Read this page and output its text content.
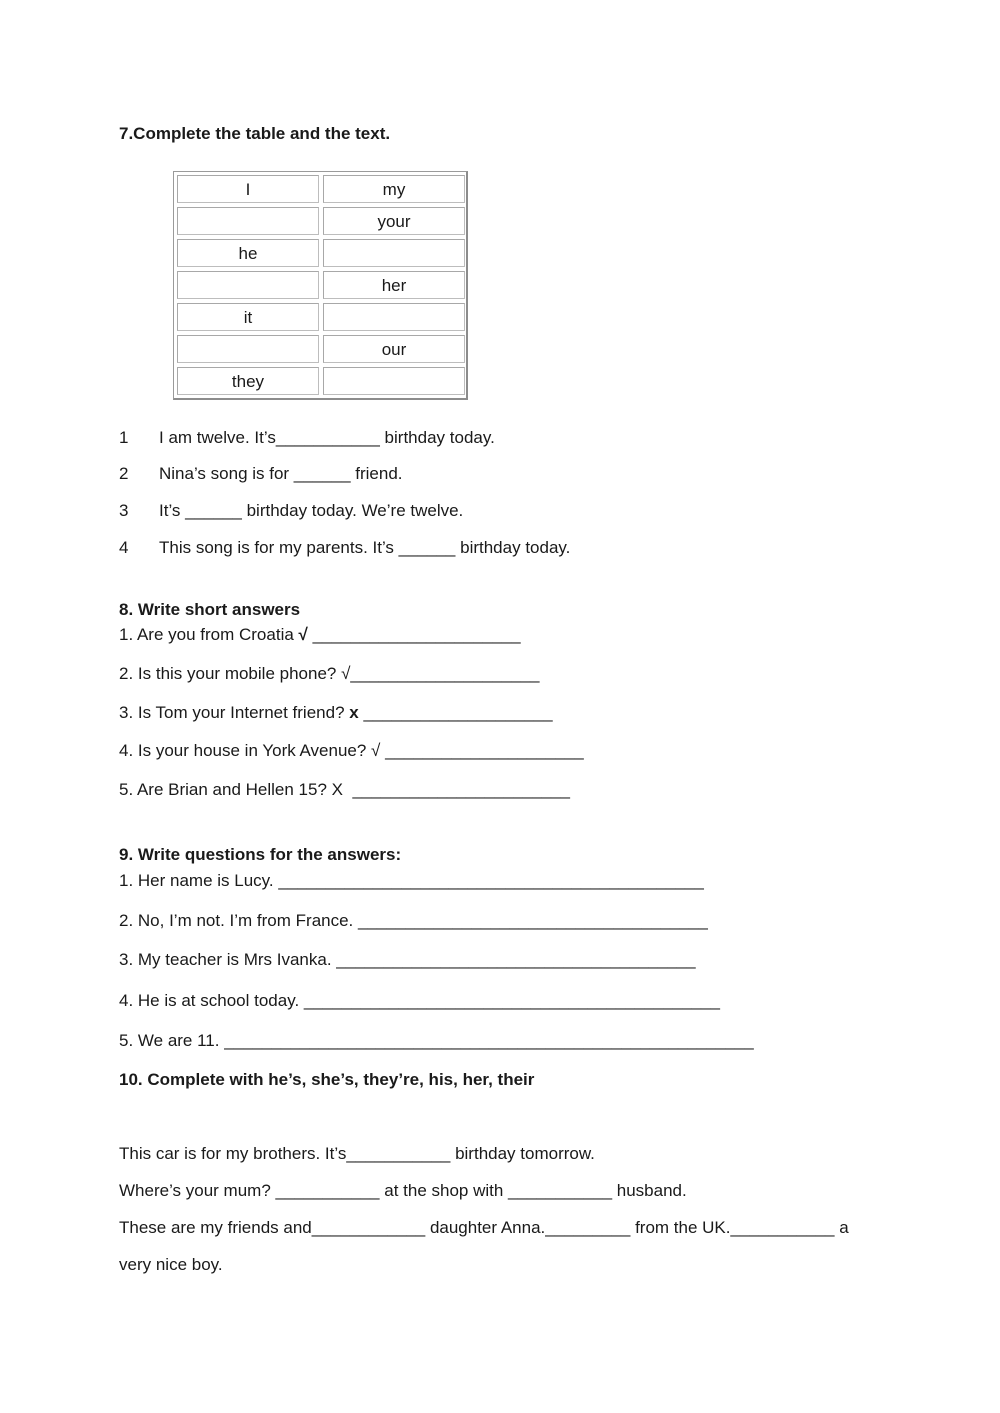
7.Complete the table and the text.
I	my
your
he
her
it
our
they
1 I am twelve. It’s___________ birthday today.
2 Nina’s song is for ______ friend.
3 It’s ______ birthday today. We’re twelve.
4 This song is for my parents. It’s ______ birthday today.
8. Write short answers
1. Are you from Croatia √ ______________________
2. Is this your mobile phone? √____________________
3. Is Tom your Internet friend? x ____________________
4. Is your house in York Avenue? √ _____________________
5. Are Brian and Hellen 15? X  _______________________
9. Write questions for the answers:
1. Her name is Lucy. _____________________________________________
2. No, I’m not. I’m from France. _____________________________________
3. My teacher is Mrs Ivanka. ______________________________________
4. He is at school today. ____________________________________________
5. We are 11. ________________________________________________________
10. Complete with he’s, she’s, they’re, his, her, their
This car is for my brothers. It’s___________ birthday tomorrow.
Where’s your mum? ___________ at the shop with ___________ husband.
These are my friends and____________ daughter Anna._________ from the UK.___________ a
very nice boy.
